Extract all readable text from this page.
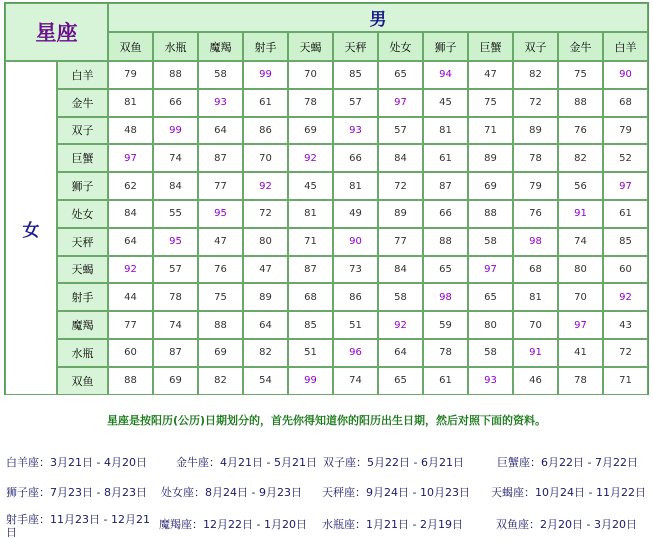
星座	男
女
双鱼	水瓶	魔羯	射手	天蝎	天秤	处女	狮子	巨蟹	双子	金牛	白羊
白羊	79	88	58	99	70	85	65	94	47	82	75	90
金牛	81	66	93	61	78	57	97	45	75	72	88	68
双子	48	99	64	86	69	93	57	81	71	89	76	79
巨蟹	97	74	87	70	92	66	84	61	89	78	82	52
狮子	62	84	77	92	45	81	72	87	69	79	56	97
处女	84	55	95	72	81	49	89	66	88	76	91	61
天秤	64	95	47	80	71	90	77	88	58	98	74	85
天蝎	92	57	76	47	87	73	84	65	97	68	80	60
射手	44	78	75	89	68	86	58	98	65	81	70	92
魔羯	77	74	88	64	85	51	92	59	80	70	97	43
水瓶	60	87	69	82	51	96	64	78	58	91	41	72
双鱼	88	69	82	54	99	74	65	61	93	46	78	71
星座是按阳历(公历)日期划分的，首先你得知道你的阳历出生日期，然后对照下面的资料。
白羊座：3月21日 - 4月20日	金牛座：4月21日 - 5月21日 双子座：5月22日 - 6月21日	巨蟹座：6月22日 - 7月22日
狮子座：7月23日 - 8月23日 处女座：8月24日 - 9月23日 天秤座：9月24日 - 10月23日 天蝎座：10月24日 - 11月22日
射手座：11月23日 - 12月21日
魔羯座：12月22日 - 1月20日 水瓶座：1月21日 - 2月19日	双鱼座：2月20日 - 3月20日
